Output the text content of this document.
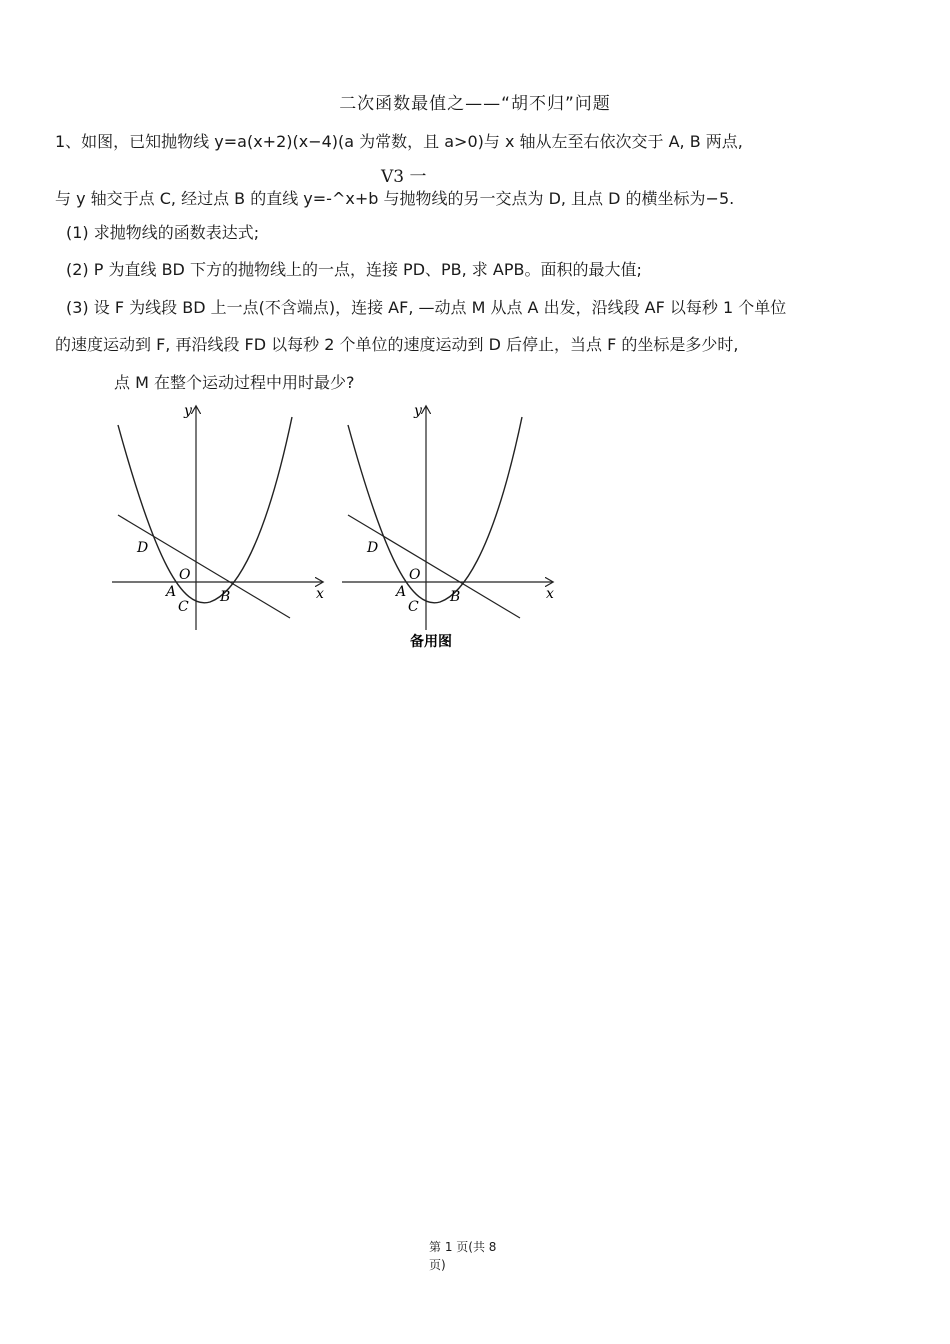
二次函数最值之——“胡不归”问题
1、如图，已知抛物线 y=a(x+2)(x−4)(a 为常数，且 a>0)与 x 轴从左至右依次交于 A, B 两点,
V3 一
与 y 轴交于点 C, 经过点 B 的直线 y=-^x+b 与抛物线的另一交点为 D, 且点 D 的横坐标为−5.
(1) 求抛物线的函数表达式;
(2) P 为直线 BD 下方的抛物线上的一点，连接 PD、PB, 求 APB。面积的最大值;
(3) 设 F 为线段 BD 上一点(不含端点)，连接 AF, —动点 M 从点 A 出发，沿线段 AF 以每秒 1 个单位
的速度运动到 F, 再沿线段 FD 以每秒 2 个单位的速度运动到 D 后停止，当点 F 的坐标是多少时,
点 M 在整个运动过程中用时最少?
y
x
D
O
A	B
C
y
x
D
O
A	B
C
备用图
第 1 页(共 8
页)
